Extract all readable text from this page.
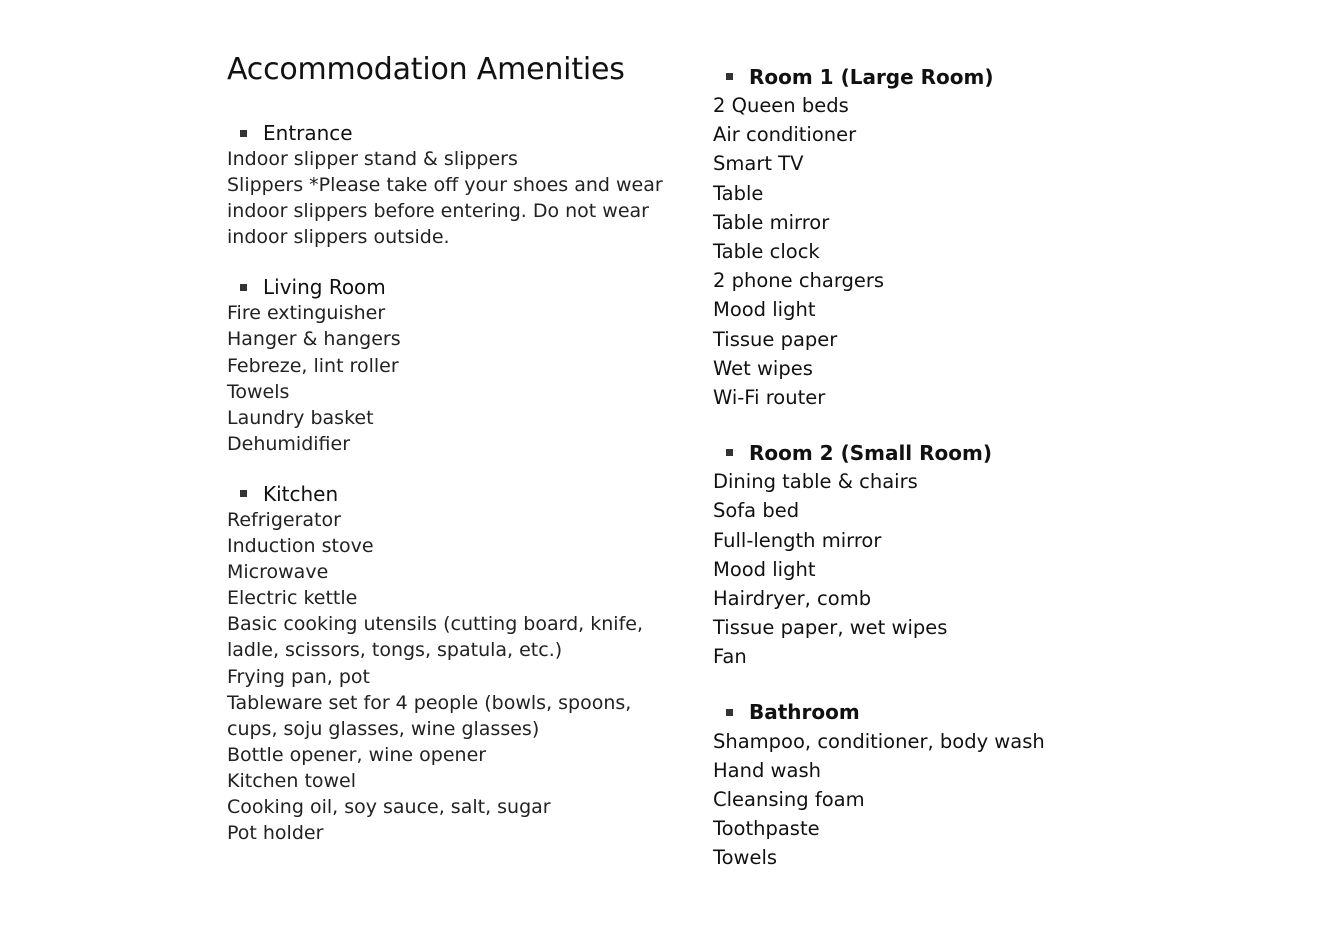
Accommodation Amenities
Entrance
Indoor slipper stand & slippers
Slippers *Please take off your shoes and wear indoor slippers before entering. Do not wear indoor slippers outside.
Living Room
Fire extinguisher
Hanger & hangers
Febreze, lint roller
Towels
Laundry basket
Dehumidifier
Kitchen
Refrigerator
Induction stove
Microwave
Electric kettle
Basic cooking utensils (cutting board, knife, ladle, scissors, tongs, spatula, etc.)
Frying pan, pot
Tableware set for 4 people (bowls, spoons, cups, soju glasses, wine glasses)
Bottle opener, wine opener
Kitchen towel
Cooking oil, soy sauce, salt, sugar
Pot holder
Room 1 (Large Room)
2 Queen beds
Air conditioner
Smart TV
Table
Table mirror
Table clock
2 phone chargers
Mood light
Tissue paper
Wet wipes
Wi-Fi router
Room 2 (Small Room)
Dining table & chairs
Sofa bed
Full-length mirror
Mood light
Hairdryer, comb
Tissue paper, wet wipes
Fan
Bathroom
Shampoo, conditioner, body wash
Hand wash
Cleansing foam
Toothpaste
Towels
